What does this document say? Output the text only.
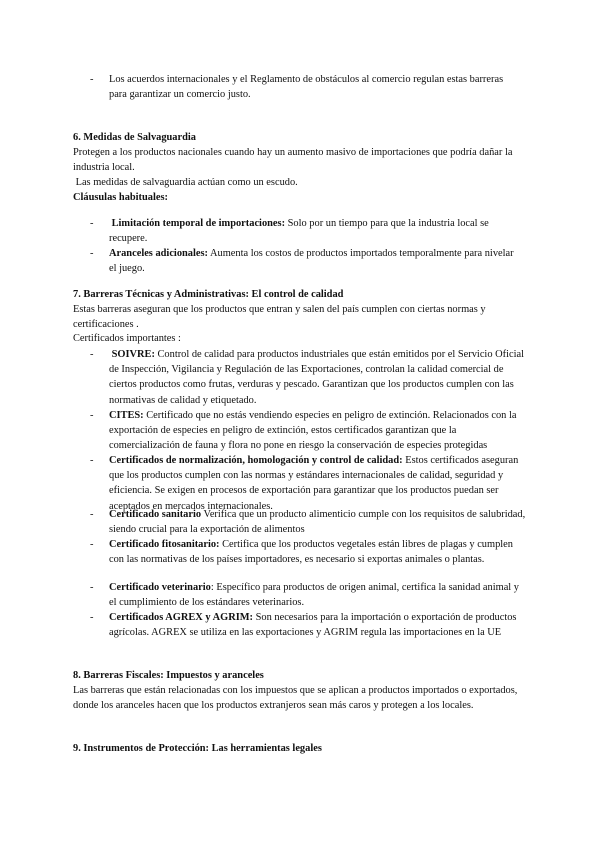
-	Los acuerdos internacionales y el Reglamento de obstáculos al comercio regulan estas barreras para garantizar un comercio justo.
6. Medidas de Salvaguardia
Protegen a los productos nacionales cuando hay un aumento masivo de importaciones que podría dañar la industria local.
Las medidas de salvaguardia actúan como un escudo.
Cláusulas habituales:
-	Limitación temporal de importaciones: Solo por un tiempo para que la industria local se recupere.
-	Aranceles adicionales: Aumenta los costos de productos importados temporalmente para nivelar el juego.
7. Barreras Técnicas y Administrativas: El control de calidad
Estas barreras aseguran que los productos que entran y salen del país cumplen con ciertas normas y certificaciones .
Certificados importantes :
-	SOIVRE: Control de calidad para productos industriales que están emitidos por el Servicio Oficial de Inspección, Vigilancia y Regulación de las Exportaciones, controlan la calidad comercial de ciertos productos como frutas, verduras y pescado. Garantizan que los productos cumplen con las normativas de calidad y etiquetado.
-	CITES: Certificado que no estás vendiendo especies en peligro de extinción. Relacionados con la exportación de especies en peligro de extinción, estos certificados garantizan que la comercialización de fauna y flora no pone en riesgo la conservación de especies protegidas
-	Certificados de normalización, homologación y control de calidad: Estos certificados aseguran que los productos cumplen con las normas y estándares internacionales de calidad, seguridad y eficiencia. Se exigen en procesos de exportación para garantizar que los productos puedan ser aceptados en mercados internacionales.
-	Certificado sanitario Verifica que un producto alimenticio cumple con los requisitos de salubridad, siendo crucial para la exportación de alimentos
-	Certificado fitosanitario: Certifica que los productos vegetales están libres de plagas y cumplen con las normativas de los países importadores, es necesario si exportas animales o plantas.
-	Certificado veterinario: Específico para productos de origen animal, certifica la sanidad animal y el cumplimiento de los estándares veterinarios.
-	Certificados AGREX y AGRIM: Son necesarios para la importación o exportación de productos agrícolas. AGREX se utiliza en las exportaciones y AGRIM regula las importaciones en la UE
8. Barreras Fiscales: Impuestos y aranceles
Las barreras que están relacionadas con los impuestos que se aplican a productos importados o exportados, donde los aranceles hacen que los productos extranjeros sean más caros y protegen a los locales.
9. Instrumentos de Protección: Las herramientas legales
